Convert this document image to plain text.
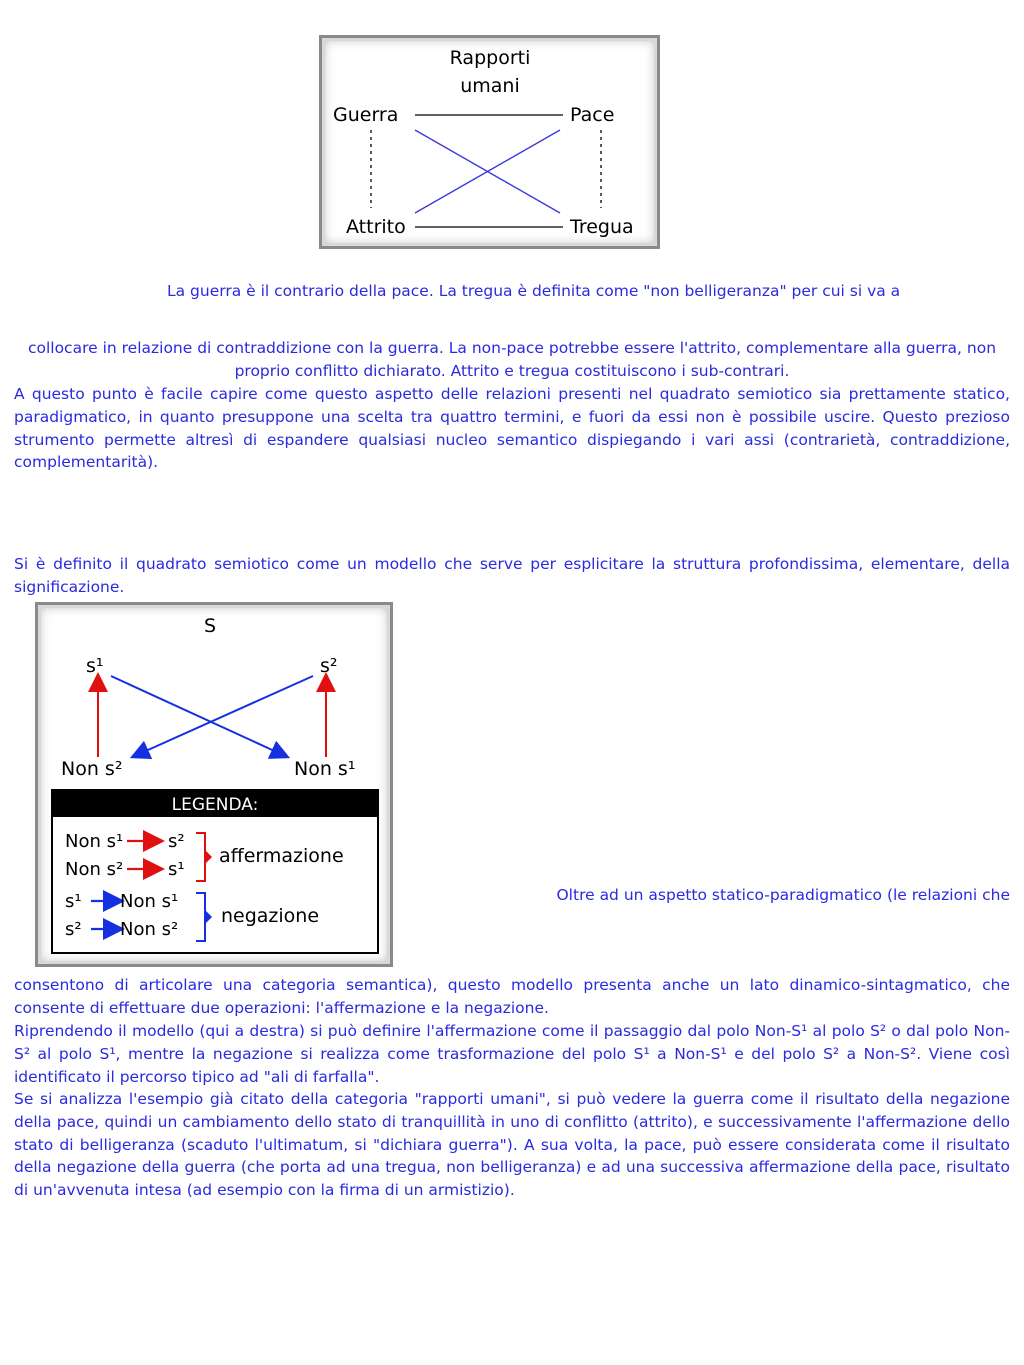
Rapporti
umani
Guerra	Pace
Attrito	Tregua

La guerra è il contrario della pace. La tregua è definita come "non belligeranza" per cui si va a

collocare in relazione di contraddizione con la guerra. La non-pace potrebbe essere l'attrito, complementare alla guerra, non proprio conflitto dichiarato. Attrito e tregua costituiscono i sub-contrari.

A questo punto è facile capire come questo aspetto delle relazioni presenti nel quadrato semiotico sia prettamente statico, paradigmatico, in quanto presuppone una scelta tra quattro termini, e fuori da essi non è possibile uscire. Questo prezioso strumento permette altresì di espandere qualsiasi nucleo semantico dispiegando i vari assi (contrarietà, contraddizione, complementarità).

Si è definito il quadrato semiotico come un modello che serve per esplicitare la struttura profondissima, elementare, della significazione.

S
s¹	s²
Non s²	Non s¹
LEGENDA:
Non s¹ s²
Non s² s¹
affermazione
s¹ Non s¹
s² Non s²
negazione

Oltre ad un aspetto statico-paradigmatico (le relazioni che

consentono di articolare una categoria semantica), questo modello presenta anche un lato dinamico-sintagmatico, che consente di effettuare due operazioni: l'affermazione e la negazione.

Riprendendo il modello (qui a destra) si può definire l'affermazione come il passaggio dal polo Non-S¹ al polo S² o dal polo Non-S² al polo S¹, mentre la negazione si realizza come trasformazione del polo S¹ a Non-S¹ e del polo S² a Non-S². Viene così identificato il percorso tipico ad "ali di farfalla".

Se si analizza l'esempio già citato della categoria "rapporti umani", si può vedere la guerra come il risultato della negazione della pace, quindi un cambiamento dello stato di tranquillità in uno di conflitto (attrito), e successivamente l'affermazione dello stato di belligeranza (scaduto l'ultimatum, si "dichiara guerra"). A sua volta, la pace, può essere considerata come il risultato della negazione della guerra (che porta ad una tregua, non belligeranza) e ad una successiva affermazione della pace, risultato di un'avvenuta intesa (ad esempio con la firma di un armistizio).
